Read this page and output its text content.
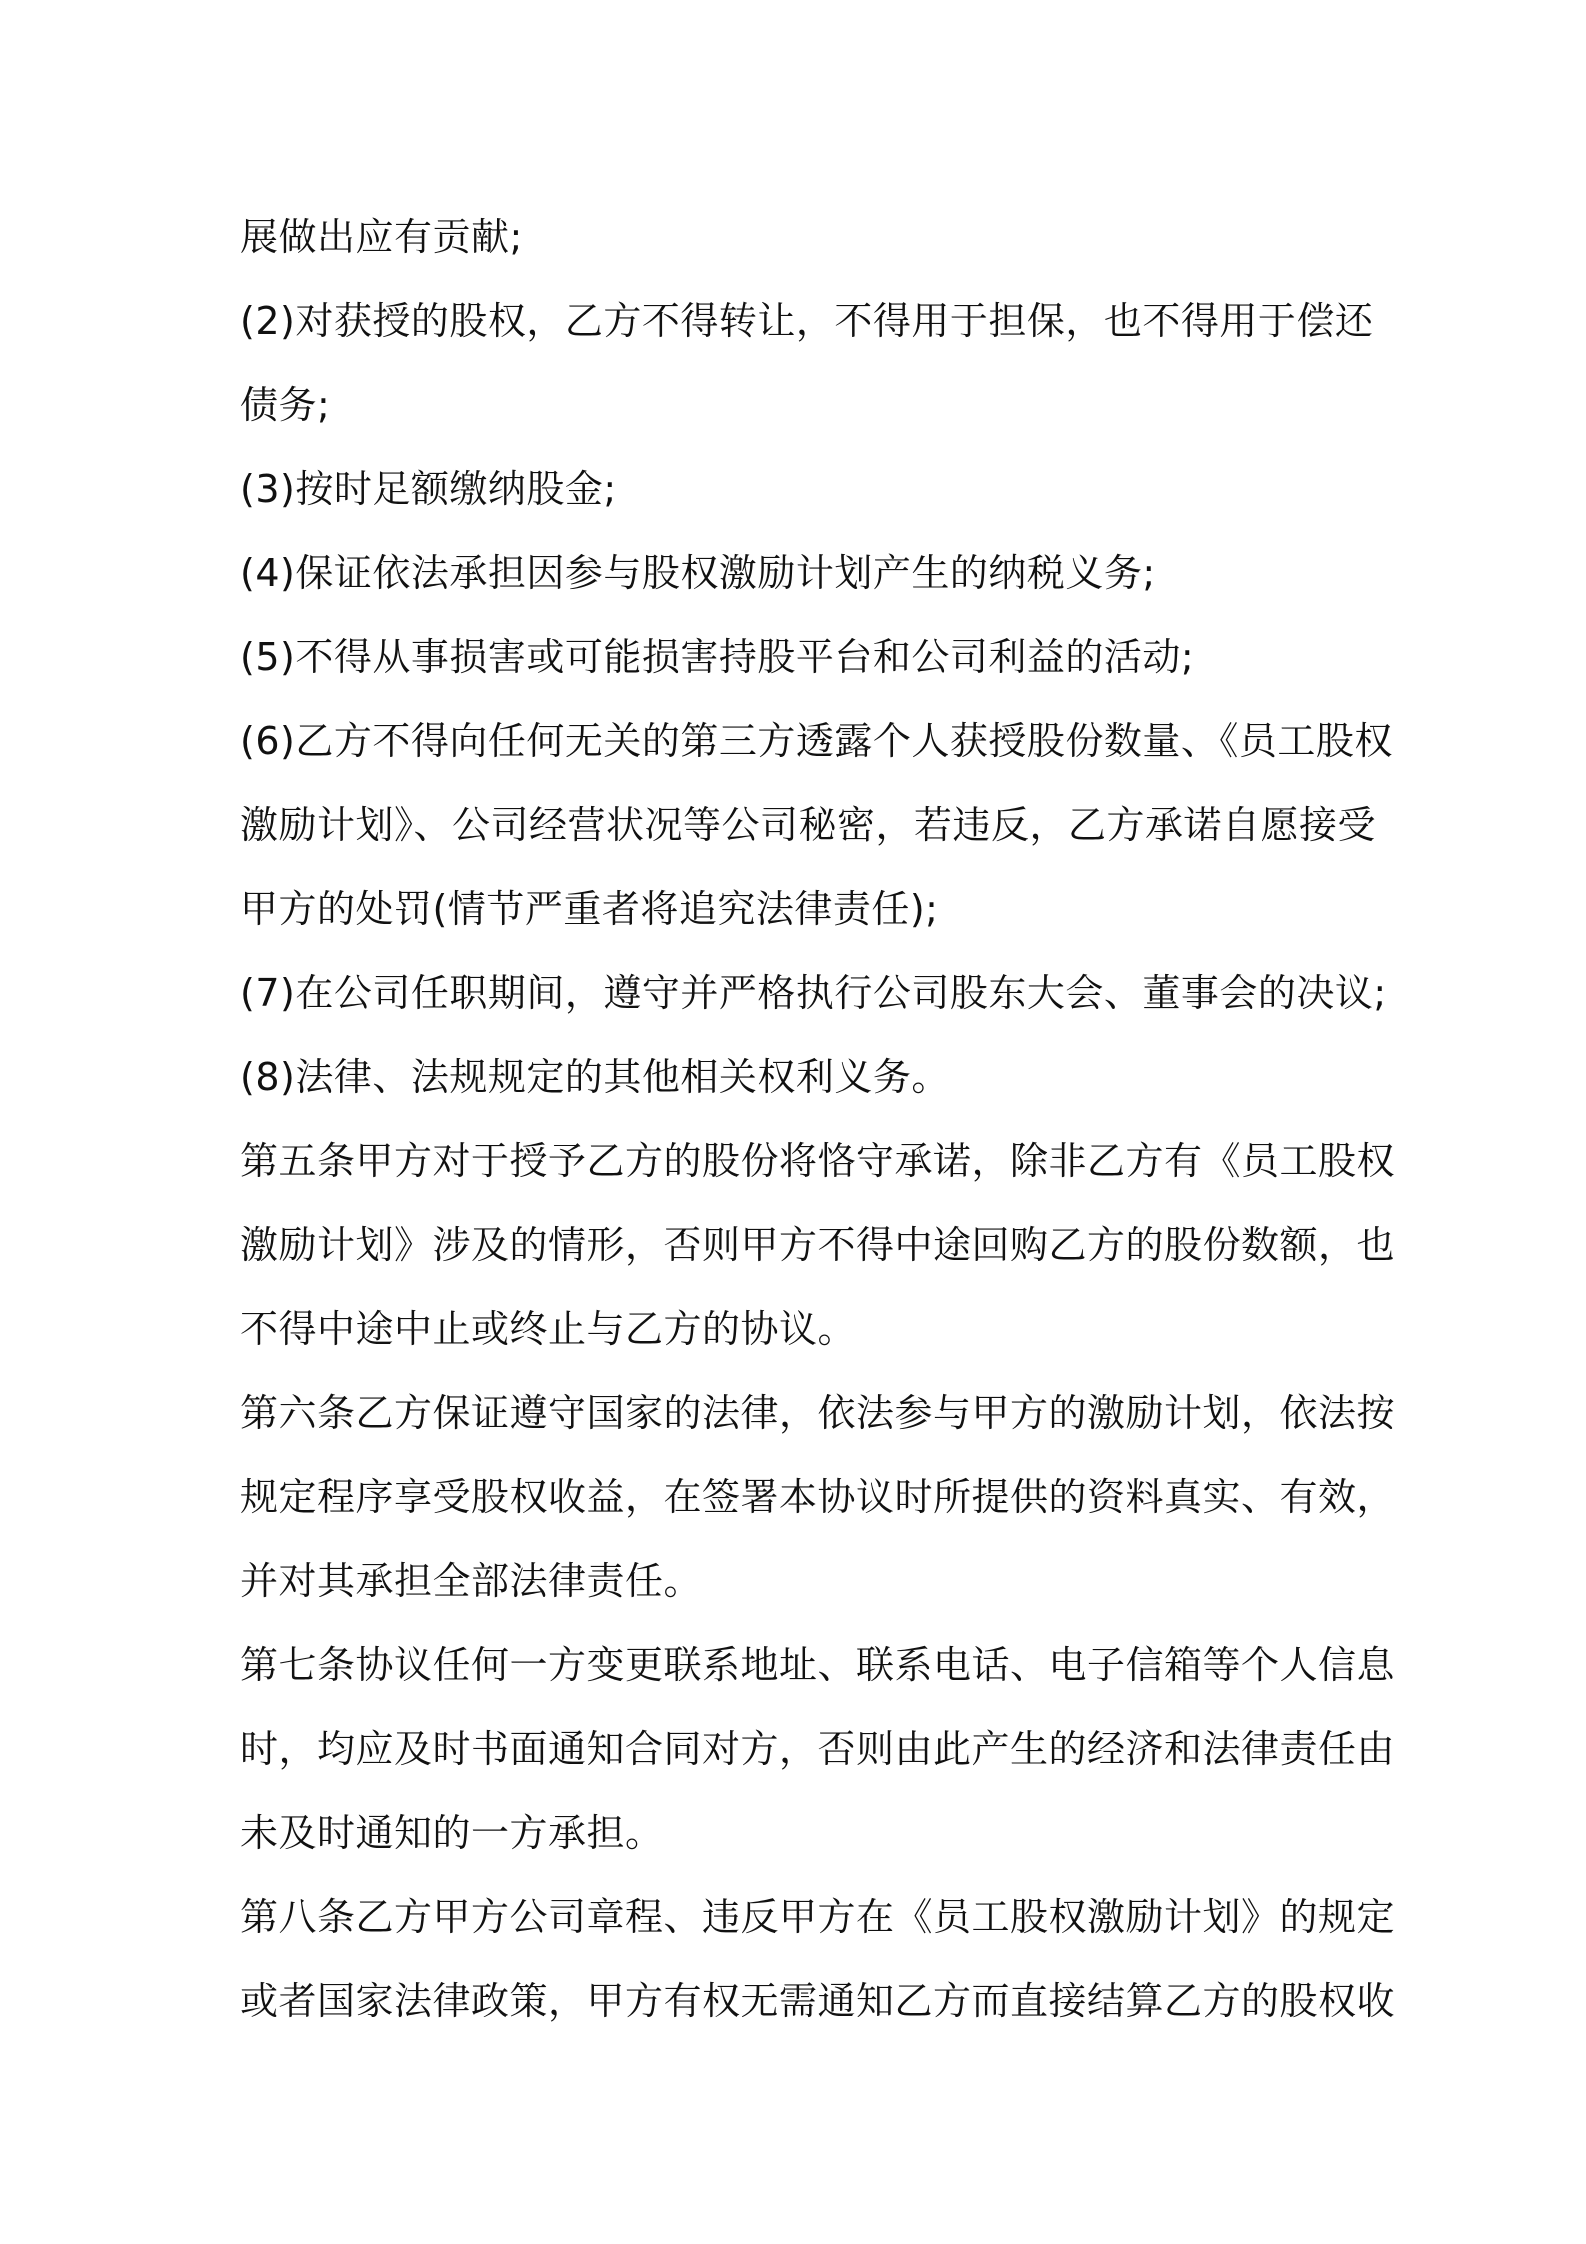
展做出应有贡献;
(2)对获授的股权，乙方不得转让，不得用于担保，也不得用于偿还
债务;
(3)按时足额缴纳股金;
(4)保证依法承担因参与股权激励计划产生的纳税义务;
(5)不得从事损害或可能损害持股平台和公司利益的活动;
(6)乙方不得向任何无关的第三方透露个人获授股份数量、《员工股权
激励计划》、公司经营状况等公司秘密，若违反，乙方承诺自愿接受
甲方的处罚(情节严重者将追究法律责任);
(7)在公司任职期间，遵守并严格执行公司股东大会、董事会的决议;
(8)法律、法规规定的其他相关权利义务。
第五条甲方对于授予乙方的股份将恪守承诺，除非乙方有《员工股权
激励计划》涉及的情形，否则甲方不得中途回购乙方的股份数额，也
不得中途中止或终止与乙方的协议。
第六条乙方保证遵守国家的法律，依法参与甲方的激励计划，依法按
规定程序享受股权收益，在签署本协议时所提供的资料真实、有效，
并对其承担全部法律责任。
第七条协议任何一方变更联系地址、联系电话、电子信箱等个人信息
时，均应及时书面通知合同对方，否则由此产生的经济和法律责任由
未及时通知的一方承担。
第八条乙方甲方公司章程、违反甲方在《员工股权激励计划》的规定
或者国家法律政策，甲方有权无需通知乙方而直接结算乙方的股权收
